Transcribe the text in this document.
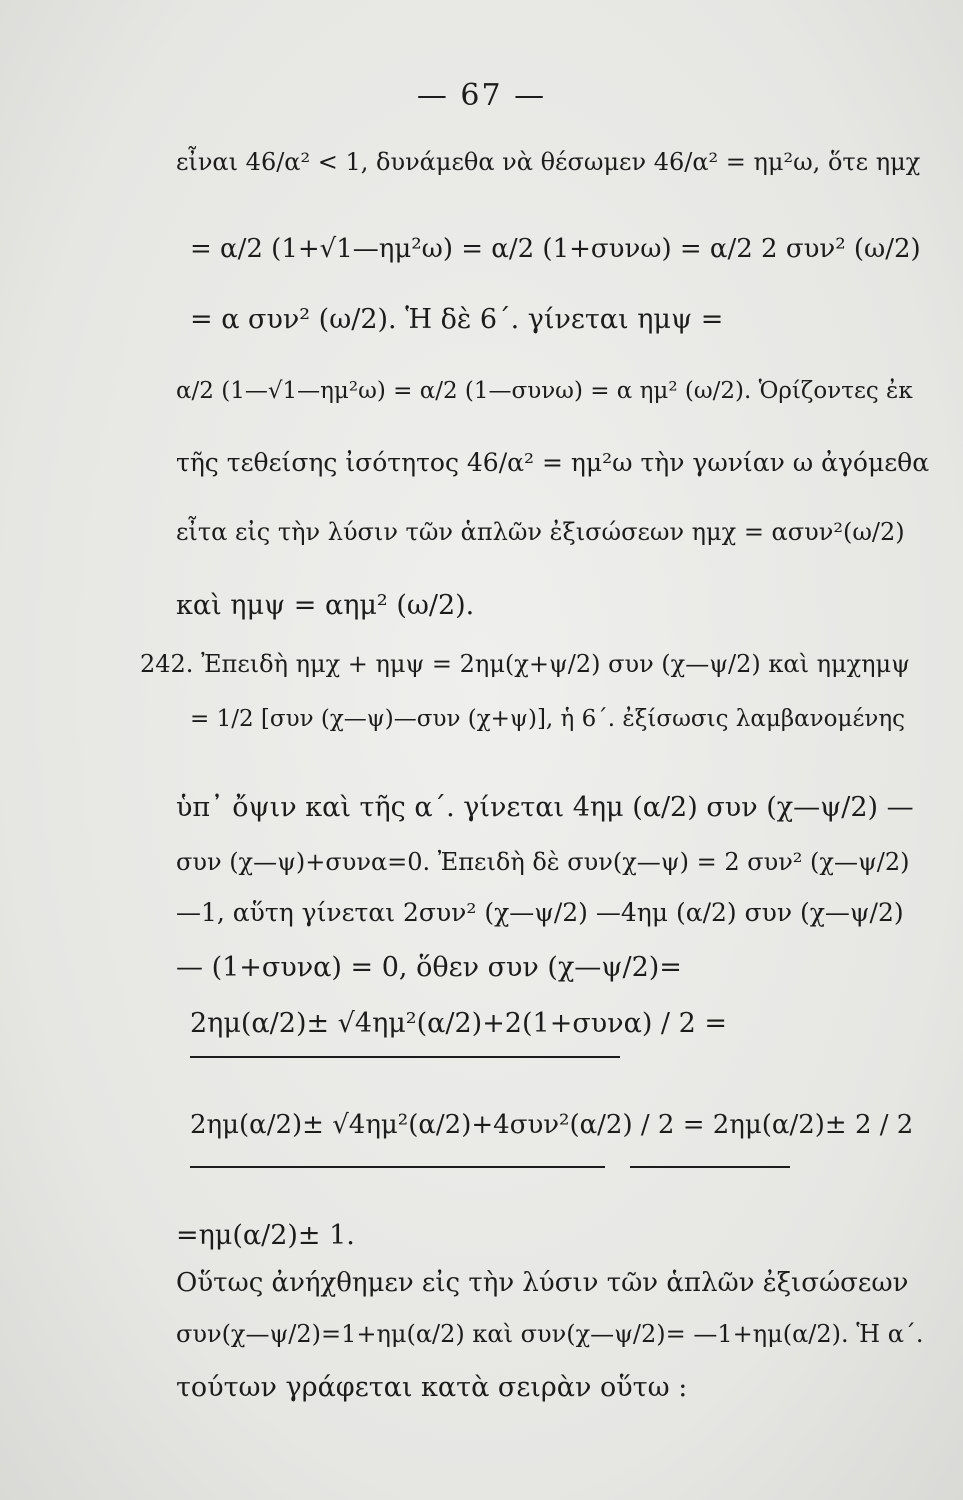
— 67 —
εἶναι 46/α² < 1, δυνάμεθα νὰ θέσωμεν 46/α² = ημ²ω, ὅτε ημχ
= α/2 (1+√1—ημ²ω) = α/2 (1+συνω) = α/2 2 συν² (ω/2)
= α συν² (ω/2). Ἡ δὲ 6΄. γίνεται ημψ =
α/2 (1—√1—ημ²ω) = α/2 (1—συνω) = α ημ² (ω/2). Ὁρίζοντες ἐκ
τῆς τεθείσης ἰσότητος 46/α² = ημ²ω τὴν γωνίαν ω ἀγόμεθα
εἶτα εἰς τὴν λύσιν τῶν ἁπλῶν ἐξισώσεων ημχ = ασυν²(ω/2)
καὶ ημψ = αημ² (ω/2).
242. Ἐπειδὴ ημχ + ημψ = 2ημ(χ+ψ/2) συν (χ—ψ/2) καὶ ημχημψ
= 1/2 [συν (χ—ψ)—συν (χ+ψ)], ἡ 6΄. ἐξίσωσις λαμβανομένης
ὑπ᾿ ὄψιν καὶ τῆς α΄. γίνεται 4ημ (α/2) συν (χ—ψ/2) —
συν (χ—ψ)+συνα=0. Ἐπειδὴ δὲ συν(χ—ψ) = 2 συν² (χ—ψ/2)
—1, αὕτη γίνεται 2συν² (χ—ψ/2) —4ημ (α/2) συν (χ—ψ/2)
— (1+συνα) = 0, ὅθεν συν (χ—ψ/2)=
2ημ(α/2)± √4ημ²(α/2)+2(1+συνα) / 2 =
2ημ(α/2)± √4ημ²(α/2)+4συν²(α/2) / 2 = 2ημ(α/2)± 2 / 2
=ημ(α/2)± 1.
Οὕτως ἀνήχθημεν εἰς τὴν λύσιν τῶν ἁπλῶν ἐξισώσεων
συν(χ—ψ/2)=1+ημ(α/2) καὶ συν(χ—ψ/2)= —1+ημ(α/2). Ἡ α΄.
τούτων γράφεται κατὰ σειρὰν οὕτω :
